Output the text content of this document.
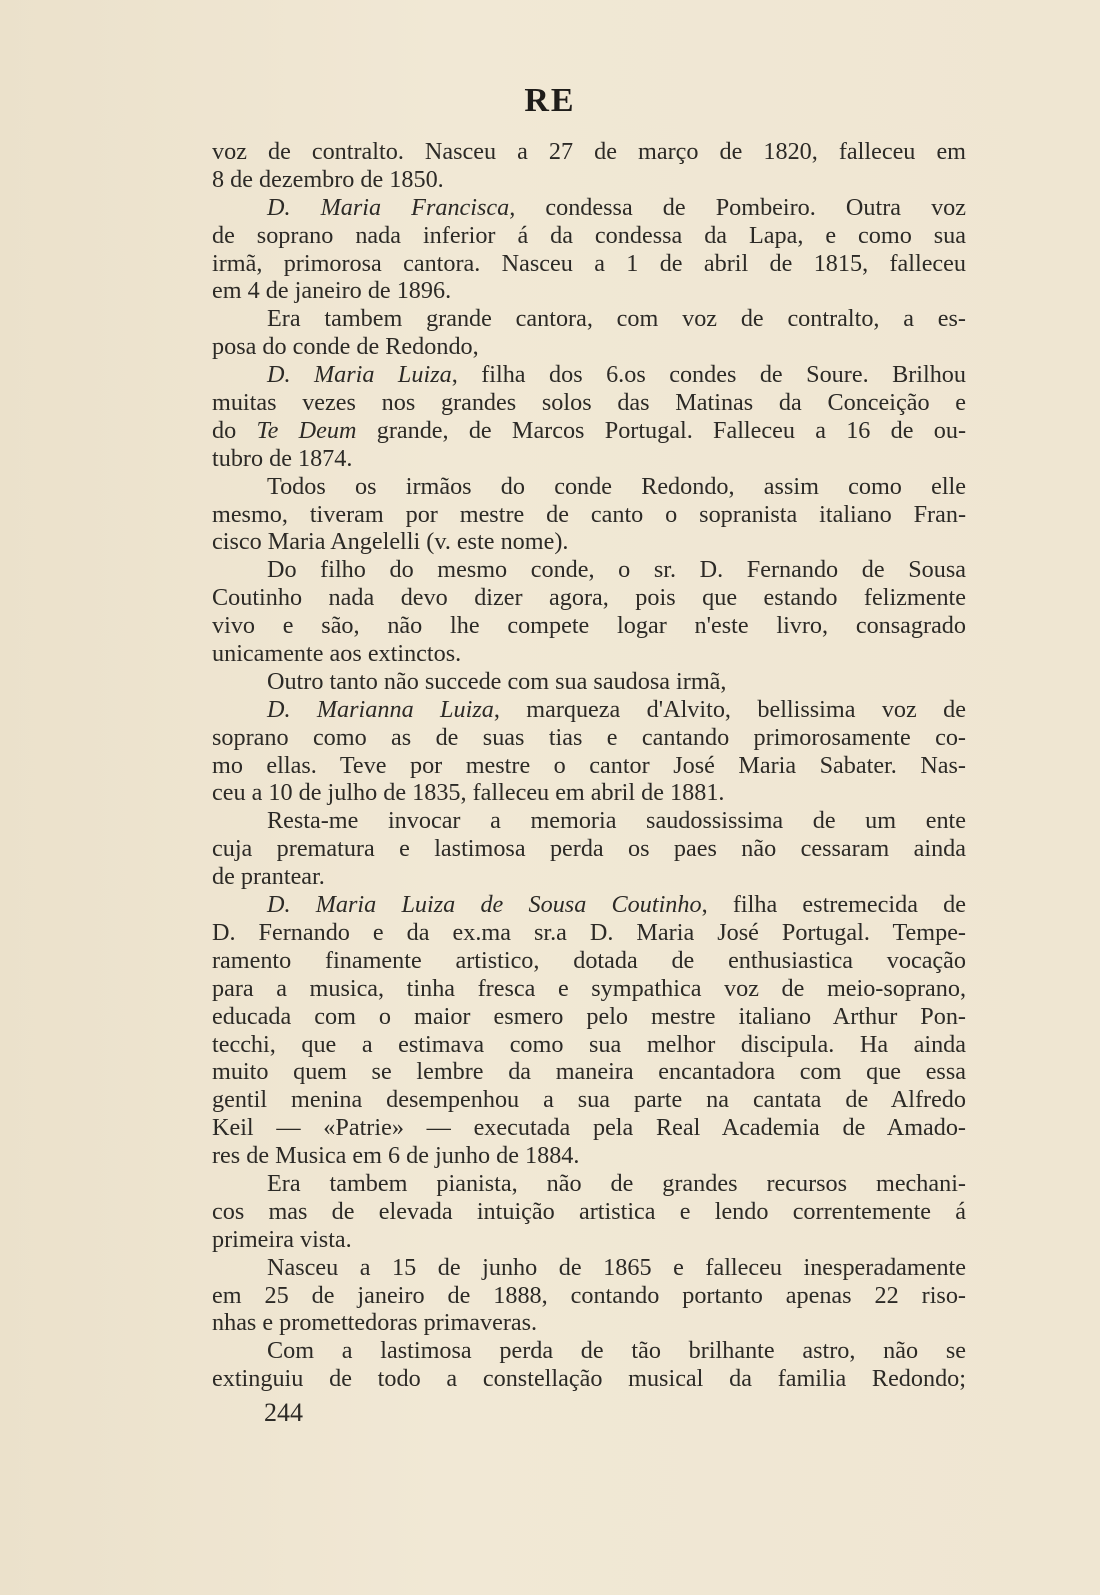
RE
voz de contralto. Nasceu a 27 de março de 1820, falleceu em
8 de dezembro de 1850.
D. Maria Francisca, condessa de Pombeiro. Outra voz
de soprano nada inferior á da condessa da Lapa, e como sua
irmã, primorosa cantora. Nasceu a 1 de abril de 1815, falleceu
em 4 de janeiro de 1896.
Era tambem grande cantora, com voz de contralto, a es-
posa do conde de Redondo,
D. Maria Luiza, filha dos 6.os condes de Soure. Brilhou
muitas vezes nos grandes solos das Matinas da Conceição e
do Te Deum grande, de Marcos Portugal. Falleceu a 16 de ou-
tubro de 1874.
Todos os irmãos do conde Redondo, assim como elle
mesmo, tiveram por mestre de canto o sopranista italiano Fran-
cisco Maria Angelelli (v. este nome).
Do filho do mesmo conde, o sr. D. Fernando de Sousa
Coutinho nada devo dizer agora, pois que estando felizmente
vivo e são, não lhe compete logar n'este livro, consagrado
unicamente aos extinctos.
Outro tanto não succede com sua saudosa irmã,
D. Marianna Luiza, marqueza d'Alvito, bellissima voz de
soprano como as de suas tias e cantando primorosamente co-
mo ellas. Teve por mestre o cantor José Maria Sabater. Nas-
ceu a 10 de julho de 1835, falleceu em abril de 1881.
Resta-me invocar a memoria saudossissima de um ente
cuja prematura e lastimosa perda os paes não cessaram ainda
de prantear.
D. Maria Luiza de Sousa Coutinho, filha estremecida de
D. Fernando e da ex.ma sr.a D. Maria José Portugal. Tempe-
ramento finamente artistico, dotada de enthusiastica vocação
para a musica, tinha fresca e sympathica voz de meio-soprano,
educada com o maior esmero pelo mestre italiano Arthur Pon-
tecchi, que a estimava como sua melhor discipula. Ha ainda
muito quem se lembre da maneira encantadora com que essa
gentil menina desempenhou a sua parte na cantata de Alfredo
Keil — «Patrie» — executada pela Real Academia de Amado-
res de Musica em 6 de junho de 1884.
Era tambem pianista, não de grandes recursos mechani-
cos mas de elevada intuição artistica e lendo correntemente á
primeira vista.
Nasceu a 15 de junho de 1865 e falleceu inesperadamente
em 25 de janeiro de 1888, contando portanto apenas 22 riso-
nhas e promettedoras primaveras.
Com a lastimosa perda de tão brilhante astro, não se
extinguiu de todo a constellação musical da familia Redondo;
244
